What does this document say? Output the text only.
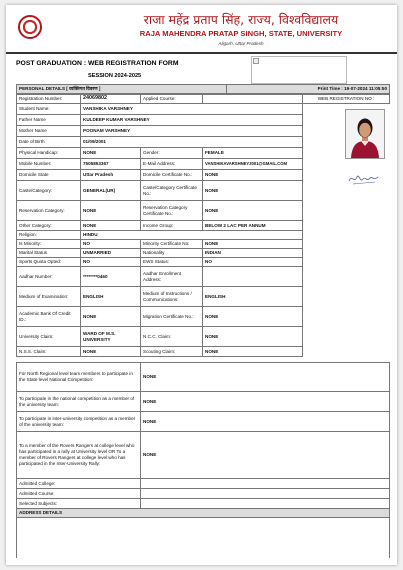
राजा महेंद्र प्रताप सिंह, राज्य, विश्वविद्यालय
RAJA MAHENDRA PRATAP SINGH, STATE, UNIVERSITY
Aligarh, Uttar Pradesh
POST GRADUATION : WEB REGISTRATION FORM
SESSION 2024-2025
PERSONAL DETAILS [ व्यक्तिगत विवरण ]	Print Time : 19-07-2024 11:05:50
Registration Number:	24069802	Applied Course:		WEB REGISTRATION NO :
Student Name:	VANSHIKA VARSHNEY			
Father Name	KULDEEP KUMAR VARSHNEY			
Mother Name	POONAM VARSHNEY			
Date of Birth	01/09/2001			
Physical Handicap:	NONE	Gender:	FEMALE	
Mobile Number:	7505853367	E-Mail Address:	VANSHIKAVARSHNEY2001@GMAIL.COM	
Domicile State	Uttar Pradesh	Domicile Certificate No.:	NONE	
Caste/Category:	GENERAL(UR)	Caste/Category Certificate No.:	NONE	
Reservation Category:	NONE	Reservation Category Certificate No.:	NONE	
Other Category:	NONE	Income Group:	BELOW 2 LAC PER ANNUM	
Religion:	HINDU			
Is Minority:	NO	Minority Certificate No:	NONE	
Marital Status	UNMARRIED	Nationality	INDIAN	
Sports Quota Opted:	NO	EWS Status:	NO	
Aadhar Number:	********0460	Aadhar Enrollment Address:		
Medium of Examination:	ENGLISH	Medium of Instructions / Communications:	ENGLISH	
Academic Bank Of Credit ID.:	NONE	Migration Certificate No.:	NONE	
University Claim:	WARD OF M.S. UNIVERSITY	N.C.C. Claim:	NONE	
N.S.S. Claim:	NONE	Scouting Claim:	NONE	
For North Regional level team members to participate in the State level National Competition:	NONE
To participate in the national competition as a member of the university team:	NONE
To participate in inter-university competition as a member of the university team:	NONE
To a member of the Rovers Rangers at college level who has participated in a rally at University level OR To a member of Rovers Rangers at college level who has participated in the Inter-University Rally:	NONE
Admitted College:	
Admitted Course:	
Selected Subjects:	
ADDRESS DETAILS	
